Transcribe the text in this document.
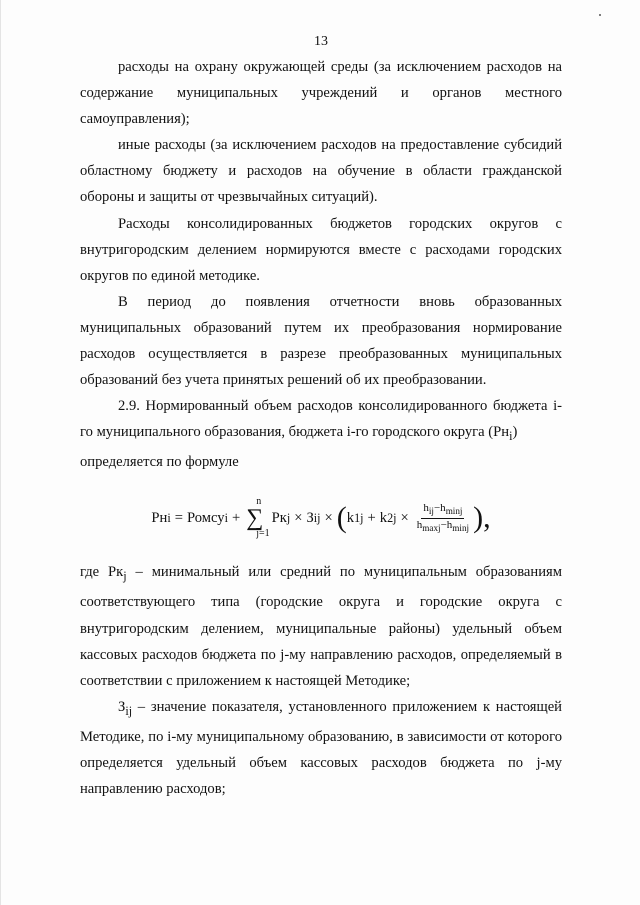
13

расходы на охрану окружающей среды (за исключением расходов на содержание муниципальных учреждений и органов местного самоуправления);

иные расходы (за исключением расходов на предоставление субсидий областному бюджету и расходов на обучение в области гражданской обороны и защиты от чрезвычайных ситуаций).

Расходы консолидированных бюджетов городских округов с внутригородским делением нормируются вместе с расходами городских округов по единой методике.

В период до появления отчетности вновь образованных муниципальных образований путем их преобразования нормирование расходов осуществляется в разрезе преобразованных муниципальных образований без учета принятых решений об их преобразовании.

2.9. Нормированный объем расходов консолидированного бюджета i-го муниципального образования, бюджета i-го городского округа $(Рн_i)$

определяется по формуле

Рн i = Ромсу i +
n
∑
j=1
Рк j × З ij × ( k 1j + k $2j \times \frac{h_{ij}-h_{minj}}{h_{maxj}-h_{minj}}$ ),

где $Рк_j$ – минимальный или средний по муниципальным образованиям соответствующего типа (городские округа и городские округа с внутригородским делением, муниципальные районы) удельный объем кассовых расходов бюджета по j-му направлению расходов, определяемый в соответствии с приложением к настоящей Методике;

$З_{ij}$ – значение показателя, установленного приложением к настоящей Методике, по i-му муниципальному образованию, в зависимости от которого определяется удельный объем кассовых расходов бюджета по j-му направлению расходов;
